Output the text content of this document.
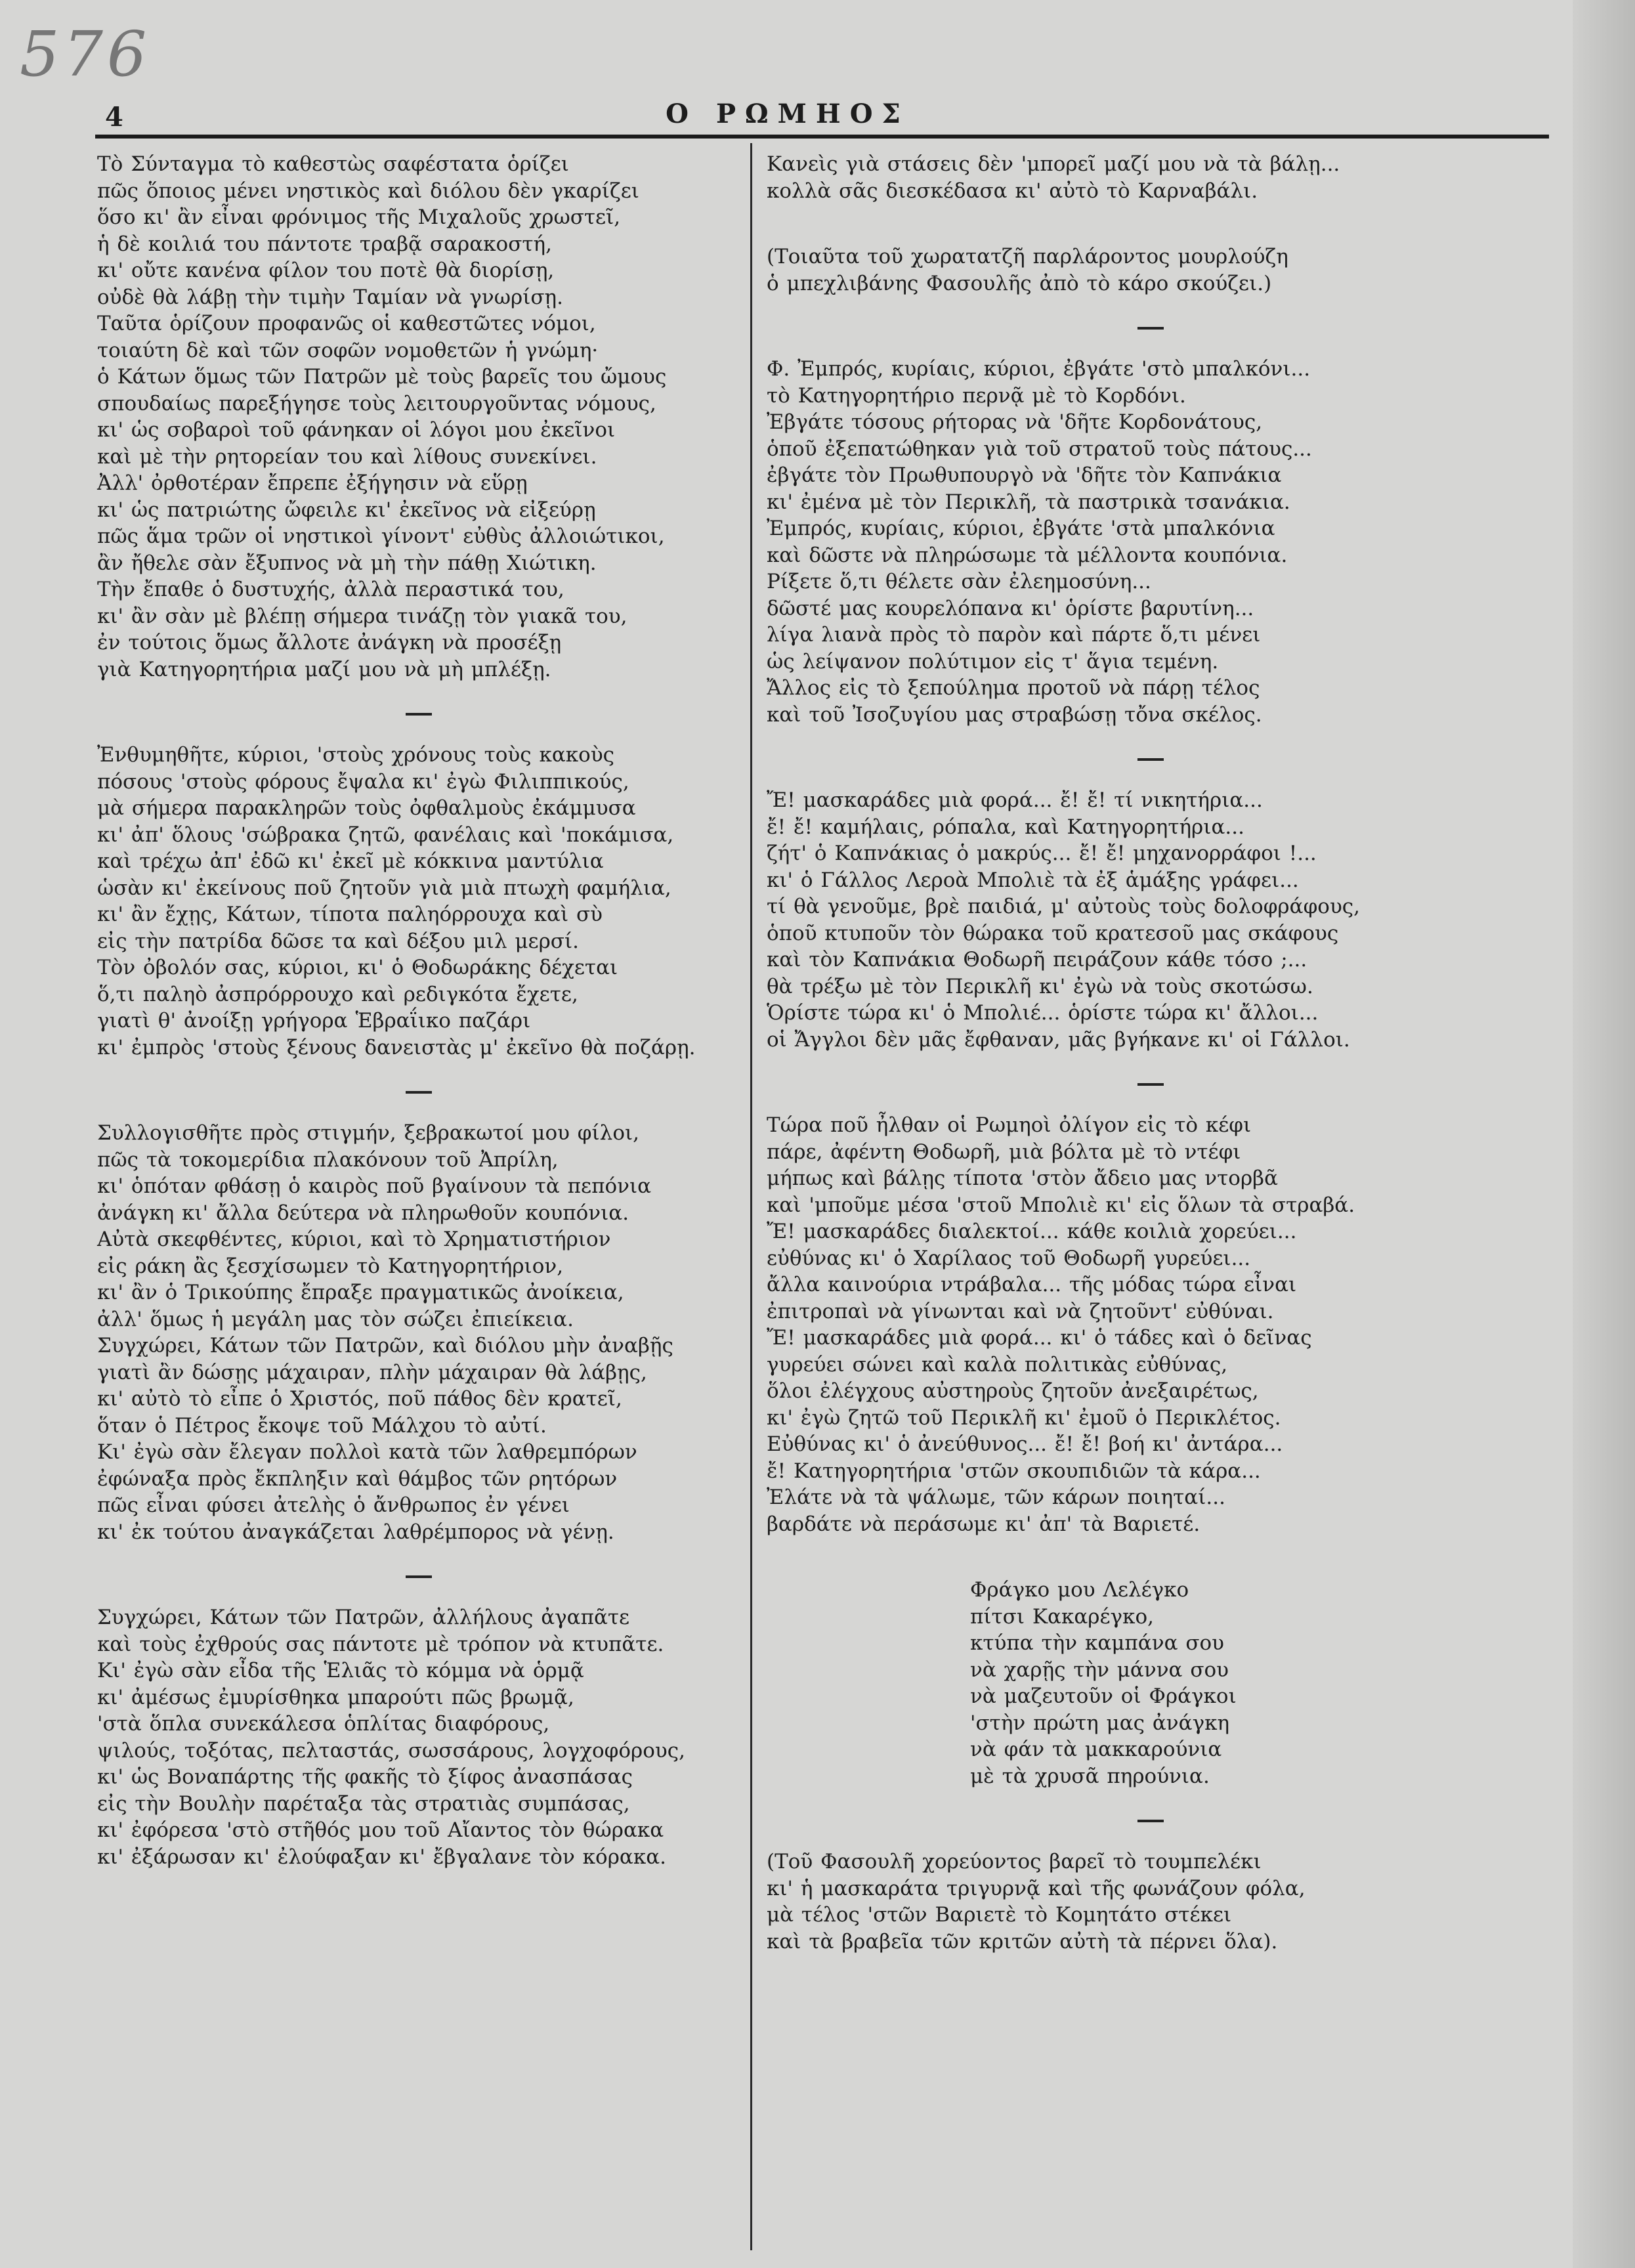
576
4	Ο ΡΩΜΗΟΣ
Τὸ Σύνταγμα τὸ καθεστὼς σαφέστατα ὁρίζει
πῶς ὅποιος μένει νηστικὸς καὶ διόλου δὲν γκαρίζει
ὅσο κι' ἂν εἶναι φρόνιμος τῆς Μιχαλοῦς χρωστεῖ,
ἡ δὲ κοιλιά του πάντοτε τραβᾷ σαρακοστή,
κι' οὔτε κανένα φίλον του ποτὲ θὰ διορίσῃ,
οὐδὲ θὰ λάβῃ τὴν τιμὴν Ταμίαν νὰ γνωρίσῃ.
Ταῦτα ὁρίζουν προφανῶς οἱ καθεστῶτες νόμοι,
τοιαύτη δὲ καὶ τῶν σοφῶν νομοθετῶν ἡ γνώμη·
ὁ Κάτων ὅμως τῶν Πατρῶν μὲ τοὺς βαρεῖς του ὤμους
σπουδαίως παρεξήγησε τοὺς λειτουργοῦντας νόμους,
κι' ὡς σοβαροὶ τοῦ φάνηκαν οἱ λόγοι μου ἐκεῖνοι
καὶ μὲ τὴν ρητορείαν του καὶ λίθους συνεκίνει.
Ἀλλ' ὀρθοτέραν ἔπρεπε ἐξήγησιν νὰ εὕρῃ
κι' ὡς πατριώτης ὤφειλε κι' ἐκεῖνος νὰ εἰξεύρῃ
πῶς ἅμα τρῶν οἱ νηστικοὶ γίνοντ' εὐθὺς ἀλλοιώτικοι,
ἂν ἤθελε σὰν ἔξυπνος νὰ μὴ τὴν πάθῃ Χιώτικη.
Τὴν ἔπαθε ὁ δυστυχής, ἀλλὰ περαστικά του,
κι' ἂν σὰν μὲ βλέπῃ σήμερα τινάζῃ τὸν γιακᾶ του,
ἐν τούτοις ὅμως ἄλλοτε ἀνάγκη νὰ προσέξῃ
γιὰ Κατηγορητήρια μαζί μου νὰ μὴ μπλέξῃ.
Ἐνθυμηθῆτε, κύριοι, 'στοὺς χρόνους τοὺς κακοὺς
πόσους 'στοὺς φόρους ἔψαλα κι' ἐγὼ Φιλιππικούς,
μὰ σήμερα παρακληρῶν τοὺς ὀφθαλμοὺς ἐκάμμυσα
κι' ἀπ' ὅλους 'σώβρακα ζητῶ, φανέλαις καὶ 'ποκάμισα,
καὶ τρέχω ἀπ' ἐδῶ κι' ἐκεῖ μὲ κόκκινα μαντύλια
ὡσὰν κι' ἐκείνους ποῦ ζητοῦν γιὰ μιὰ πτωχὴ φαμήλια,
κι' ἂν ἔχῃς, Κάτων, τίποτα παληόρρουχα καὶ σὺ
εἰς τὴν πατρίδα δῶσε τα καὶ δέξου μιλ μερσί.
Τὸν ὀβολόν σας, κύριοι, κι' ὁ Θοδωράκης δέχεται
ὅ,τι παληὸ ἀσπρόρρουχο καὶ ρεδιγκότα ἔχετε,
γιατὶ θ' ἀνοίξῃ γρήγορα Ἑβραΐικο παζάρι
κι' ἐμπρὸς 'στοὺς ξένους δανειστὰς μ' ἐκεῖνο θὰ ποζάρῃ.
Συλλογισθῆτε πρὸς στιγμήν, ξεβρακωτοί μου φίλοι,
πῶς τὰ τοκομερίδια πλακόνουν τοῦ Ἀπρίλη,
κι' ὁπόταν φθάσῃ ὁ καιρὸς ποῦ βγαίνουν τὰ πεπόνια
ἀνάγκη κι' ἄλλα δεύτερα νὰ πληρωθοῦν κουπόνια.
Αὐτὰ σκεφθέντες, κύριοι, καὶ τὸ Χρηματιστήριον
εἰς ράκη ἂς ξεσχίσωμεν τὸ Κατηγορητήριον,
κι' ἂν ὁ Τρικούπης ἔπραξε πραγματικῶς ἀνοίκεια,
ἀλλ' ὅμως ἡ μεγάλη μας τὸν σώζει ἐπιείκεια.
Συγχώρει, Κάτων τῶν Πατρῶν, καὶ διόλου μὴν ἀναβῇς
γιατὶ ἂν δώσῃς μάχαιραν, πλὴν μάχαιραν θὰ λάβῃς,
κι' αὐτὸ τὸ εἶπε ὁ Χριστός, ποῦ πάθος δὲν κρατεῖ,
ὅταν ὁ Πέτρος ἔκοψε τοῦ Μάλχου τὸ αὐτί.
Κι' ἐγὼ σὰν ἔλεγαν πολλοὶ κατὰ τῶν λαθρεμπόρων
ἐφώναξα πρὸς ἔκπληξιν καὶ θάμβος τῶν ρητόρων
πῶς εἶναι φύσει ἀτελὴς ὁ ἄνθρωπος ἐν γένει
κι' ἐκ τούτου ἀναγκάζεται λαθρέμπορος νὰ γένῃ.
Συγχώρει, Κάτων τῶν Πατρῶν, ἀλλήλους ἀγαπᾶτε
καὶ τοὺς ἐχθρούς σας πάντοτε μὲ τρόπον νὰ κτυπᾶτε.
Κι' ἐγὼ σὰν εἶδα τῆς Ἑλιᾶς τὸ κόμμα νὰ ὁρμᾷ
κι' ἀμέσως ἐμυρίσθηκα μπαρούτι πῶς βρωμᾷ,
'στὰ ὅπλα συνεκάλεσα ὁπλίτας διαφόρους,
ψιλούς, τοξότας, πελταστάς, σωσσάρους, λογχοφόρους,
κι' ὡς Βοναπάρτης τῆς φακῆς τὸ ξίφος ἀνασπάσας
εἰς τὴν Βουλὴν παρέταξα τὰς στρατιὰς συμπάσας,
κι' ἐφόρεσα 'στὸ στῆθός μου τοῦ Αἴαντος τὸν θώρακα
κι' ἐξάρωσαν κι' ἐλούφαξαν κι' ἔβγαλανε τὸν κόρακα.
Κανεὶς γιὰ στάσεις δὲν 'μπορεῖ μαζί μου νὰ τὰ βάλῃ...
κολλὰ σᾶς διεσκέδασα κι' αὐτὸ τὸ Καρναβάλι.
(Τοιαῦτα τοῦ χωρατατζῆ παρλάροντος μουρλούζη
ὁ μπεχλιβάνης Φασουλῆς ἀπὸ τὸ κάρο σκούζει.)
Φ. Ἐμπρός, κυρίαις, κύριοι, ἐβγάτε 'στὸ μπαλκόνι...
τὸ Κατηγορητήριο περνᾷ μὲ τὸ Κορδόνι.
Ἐβγάτε τόσους ρήτορας νὰ 'δῆτε Κορδονάτους,
ὁποῦ ἐξεπατώθηκαν γιὰ τοῦ στρατοῦ τοὺς πάτους...
ἐβγάτε τὸν Πρωθυπουργὸ νὰ 'δῆτε τὸν Καπνάκια
κι' ἐμένα μὲ τὸν Περικλῆ, τὰ παστρικὰ τσανάκια.
Ἐμπρός, κυρίαις, κύριοι, ἐβγάτε 'στὰ μπαλκόνια
καὶ δῶστε νὰ πληρώσωμε τὰ μέλλοντα κουπόνια.
Ρίξετε ὅ,τι θέλετε σὰν ἐλεημοσύνη...
δῶστέ μας κουρελόπανα κι' ὁρίστε βαρυτίνη...
λίγα λιανὰ πρὸς τὸ παρὸν καὶ πάρτε ὅ,τι μένει
ὡς λείψανον πολύτιμον εἰς τ' ἅγια τεμένη.
Ἄλλος εἰς τὸ ξεπούλημα προτοῦ νὰ πάρῃ τέλος
καὶ τοῦ Ἰσοζυγίου μας στραβώσῃ τὄνα σκέλος.
Ἔ! μασκαράδες μιὰ φορά... ἔ! ἔ! τί νικητήρια...
ἔ! ἔ! καμήλαις, ρόπαλα, καὶ Κατηγορητήρια...
ζήτ' ὁ Καπνάκιας ὁ μακρύς... ἔ! ἔ! μηχανορράφοι !...
κι' ὁ Γάλλος Λεροὰ Μπολιὲ τὰ ἐξ ἁμάξης γράφει...
τί θὰ γενοῦμε, βρὲ παιδιά, μ' αὐτοὺς τοὺς δολοφράφους,
ὁποῦ κτυποῦν τὸν θώρακα τοῦ κρατεσοῦ μας σκάφους
καὶ τὸν Καπνάκια Θοδωρῆ πειράζουν κάθε τόσο ;...
θὰ τρέξω μὲ τὸν Περικλῆ κι' ἐγὼ νὰ τοὺς σκοτώσω.
Ὁρίστε τώρα κι' ὁ Μπολιέ... ὁρίστε τώρα κι' ἄλλοι...
οἱ Ἄγγλοι δὲν μᾶς ἔφθαναν, μᾶς βγήκανε κι' οἱ Γάλλοι.
Τώρα ποῦ ἦλθαν οἱ Ρωμηοὶ ὀλίγον εἰς τὸ κέφι
πάρε, ἀφέντη Θοδωρῆ, μιὰ βόλτα μὲ τὸ ντέφι
μήπως καὶ βάλῃς τίποτα 'στὸν ἄδειο μας ντορβᾶ
καὶ 'μποῦμε μέσα 'στοῦ Μπολιὲ κι' εἰς ὅλων τὰ στραβά.
Ἔ! μασκαράδες διαλεκτοί... κάθε κοιλιὰ χορεύει...
εὐθύνας κι' ὁ Χαρίλαος τοῦ Θοδωρῆ γυρεύει...
ἄλλα καινούρια ντράβαλα... τῆς μόδας τώρα εἶναι
ἐπιτροπαὶ νὰ γίνωνται καὶ νὰ ζητοῦντ' εὐθύναι.
Ἔ! μασκαράδες μιὰ φορά... κι' ὁ τάδες καὶ ὁ δεῖνας
γυρεύει σώνει καὶ καλὰ πολιτικὰς εὐθύνας,
ὅλοι ἐλέγχους αὐστηροὺς ζητοῦν ἀνεξαιρέτως,
κι' ἐγὼ ζητῶ τοῦ Περικλῆ κι' ἐμοῦ ὁ Περικλέτος.
Εὐθύνας κι' ὁ ἀνεύθυνος... ἔ! ἔ! βοή κι' ἀντάρα...
ἔ! Κατηγορητήρια 'στῶν σκουπιδιῶν τὰ κάρα...
Ἐλάτε νὰ τὰ ψάλωμε, τῶν κάρων ποιηταί...
βαρδάτε νὰ περάσωμε κι' ἀπ' τὰ Βαριετέ.
Φράγκο μου Λελέγκο
πίτσι Κακαρέγκο,
κτύπα τὴν καμπάνα σου
νὰ χαρῇς τὴν μάννα σου
νὰ μαζευτοῦν οἱ Φράγκοι
'στὴν πρώτη μας ἀνάγκη
νὰ φάν τὰ μακκαρούνια
μὲ τὰ χρυσᾶ πηρούνια.
(Τοῦ Φασουλῆ χορεύοντος βαρεῖ τὸ τουμπελέκι
κι' ἡ μασκαράτα τριγυρνᾷ καὶ τῆς φωνάζουν φόλα,
μὰ τέλος 'στῶν Βαριετὲ τὸ Κομητάτο στέκει
καὶ τὰ βραβεῖα τῶν κριτῶν αὐτὴ τὰ πέρνει ὅλα).
